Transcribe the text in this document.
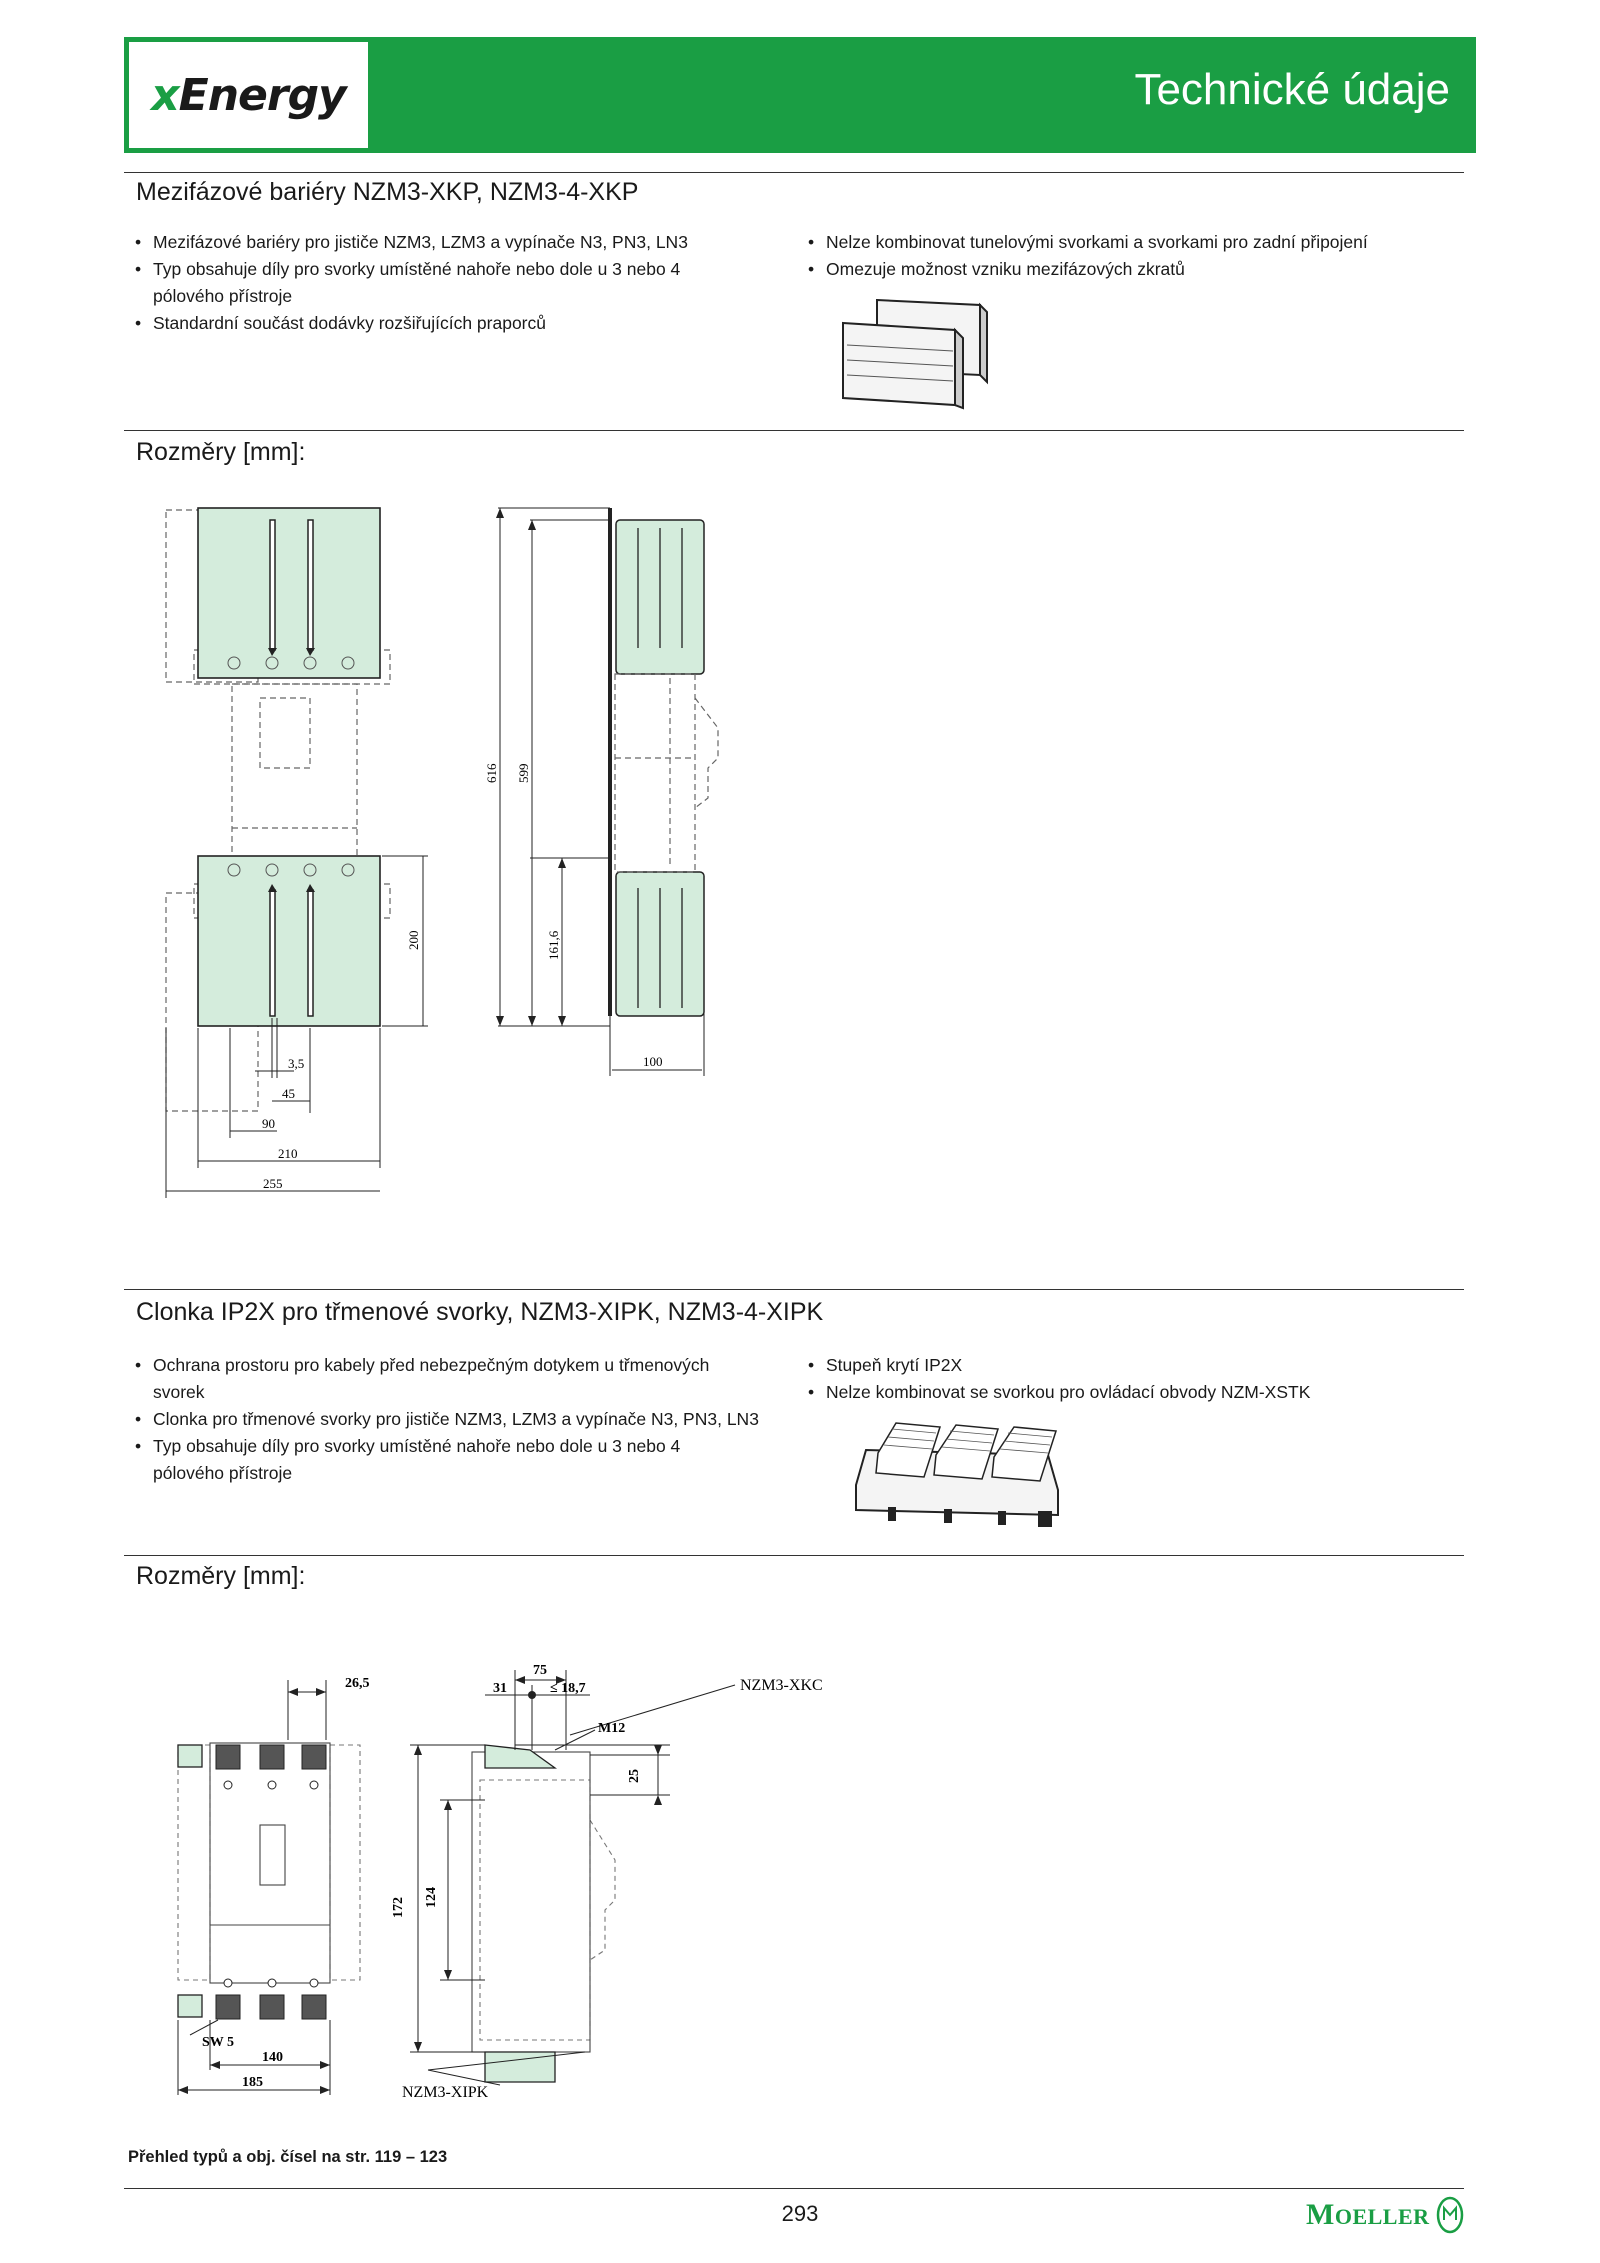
xEnergy	Technické údaje
Mezifázové bariéry NZM3-XKP, NZM3-4-XKP
• Mezifázové bariéry pro jističe NZM3, LZM3 a vypínače N3, PN3, LN3
• Typ obsahuje díly pro svorky umístěné nahoře nebo dole u 3 nebo 4 pólového přístroje
• Standardní součást dodávky rozšiřujících praporců
• Nelze kombinovat tunelovými svorkami a svorkami pro zadní připojení
• Omezuje možnost vzniku mezifázových zkratů
Rozměry [mm]:
3,5
45
90
210
255
200
616 599
161,6
100
Clonka IP2X pro třmenové svorky, NZM3-XIPK, NZM3-4-XIPK
• Ochrana prostoru pro kabely před nebezpečným dotykem u třmenových svorek
• Clonka pro třmenové svorky pro jističe NZM3, LZM3 a vypínače N3, PN3, LN3
• Typ obsahuje díly pro svorky umístěné nahoře nebo dole u 3 nebo 4 pólového přístroje
• Stupeň krytí IP2X
• Nelze kombinovat se svorkou pro ovládací obvody NZM-XSTK
Rozměry [mm]:
26,5
SW 5
140
185
75
31	≤ 18,7
M12
25
172 124
NZM3-XKC
NZM3-XIPK
Přehled typů a obj. čísel na str. 119 – 123
293	MOELLER
